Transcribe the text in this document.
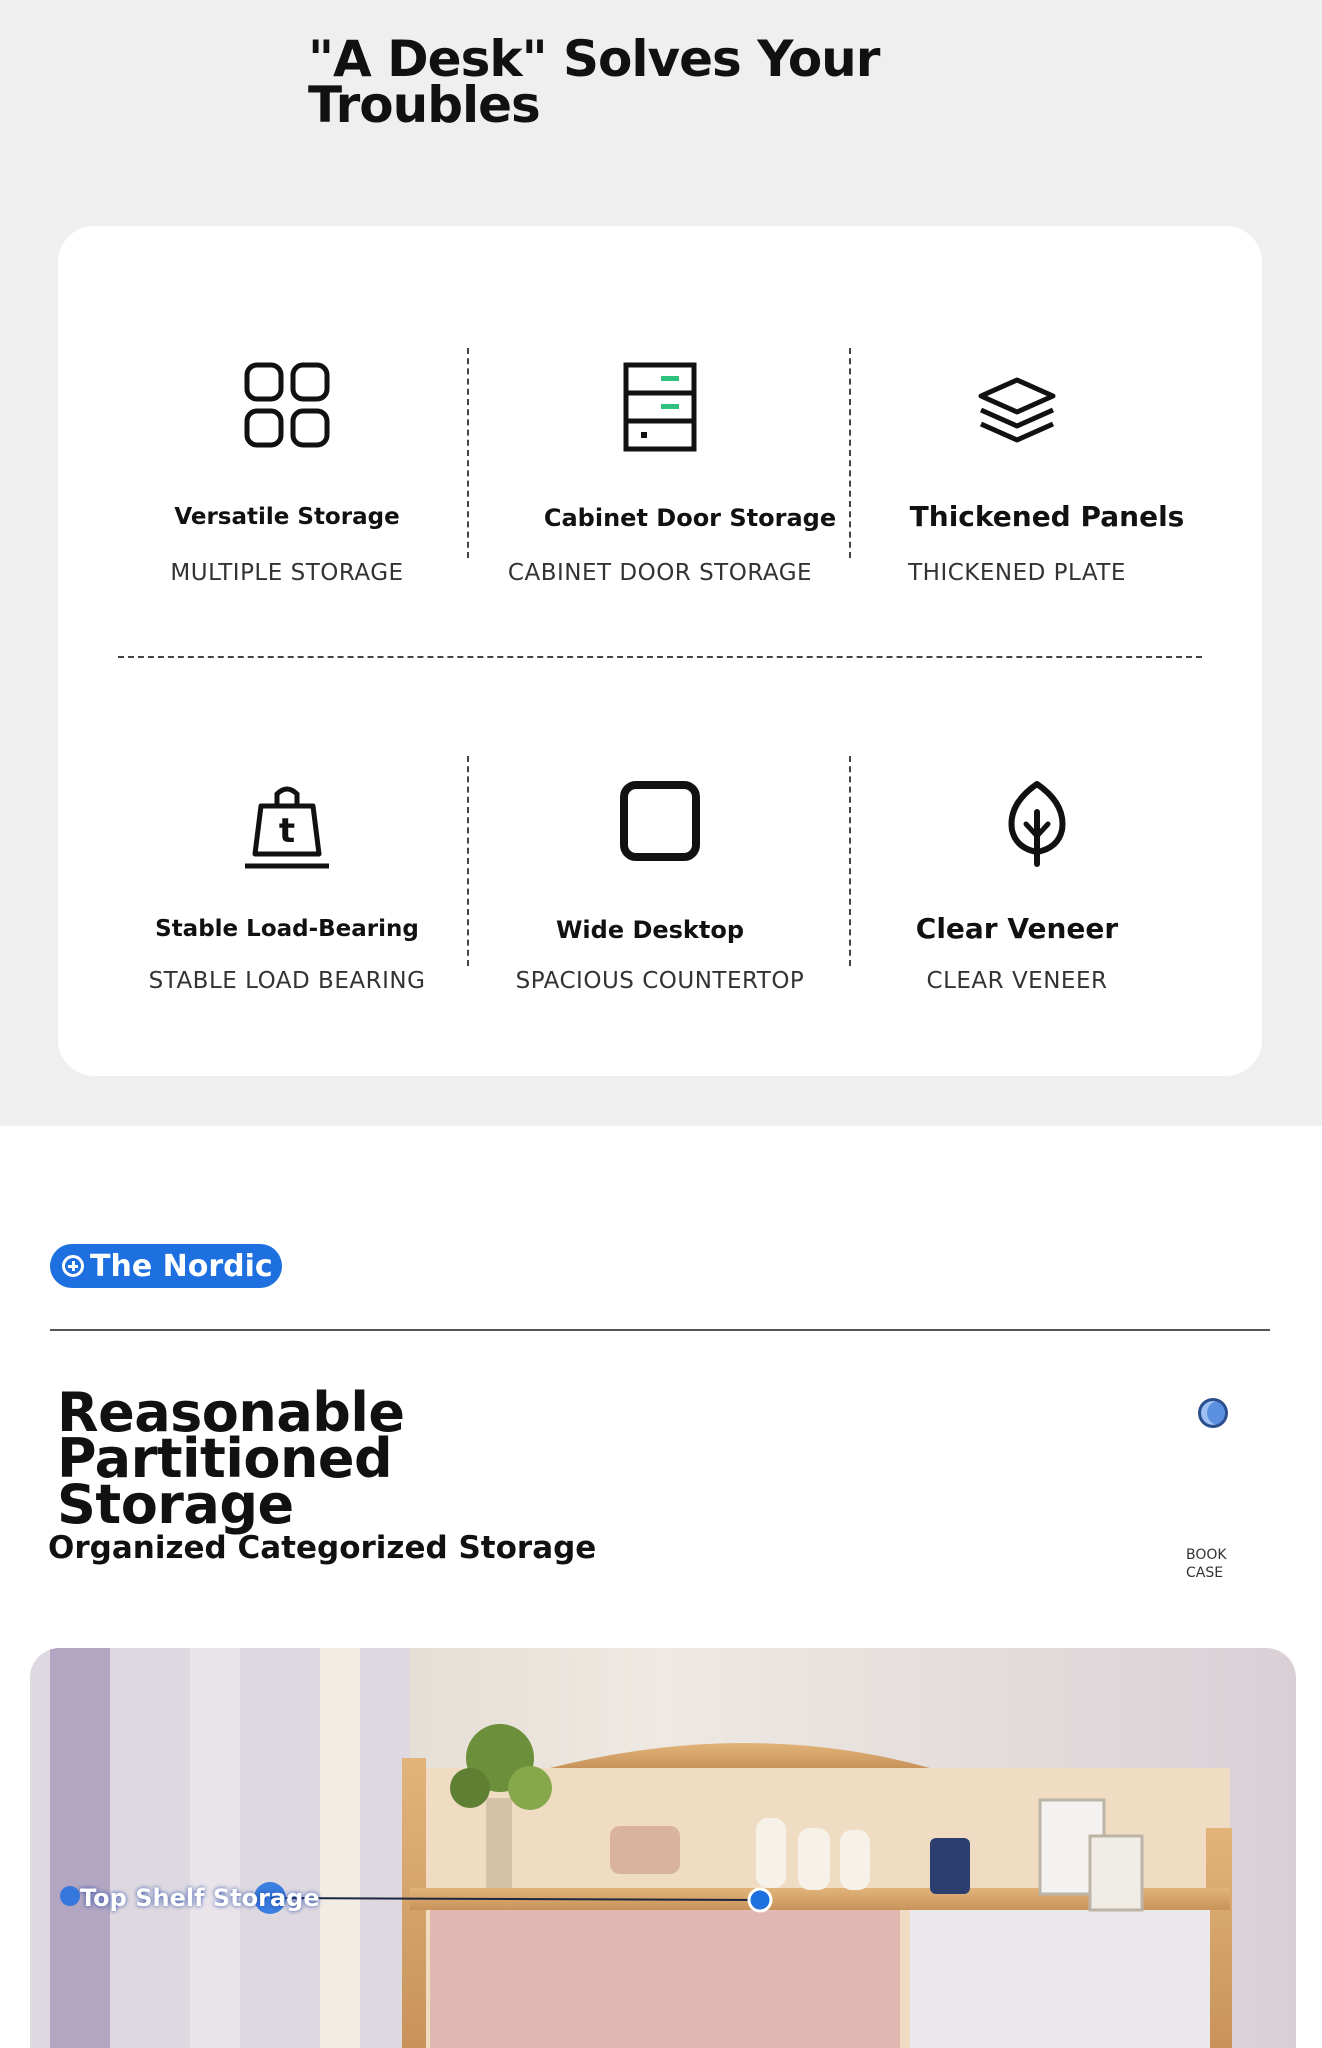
"A Desk" Solves Your
Troubles
Versatile Storage
MULTIPLE STORAGE
Cabinet Door Storage
CABINET DOOR STORAGE
Thickened Panels
THICKENED PLATE
t
Stable Load-Bearing
STABLE LOAD BEARING
Wide Desktop
SPACIOUS COUNTERTOP
Clear Veneer
CLEAR VENEER
The Nordic
Reasonable Partitioned
Storage
Organized Categorized Storage	BOOK
CASE
Top Shelf Storage
